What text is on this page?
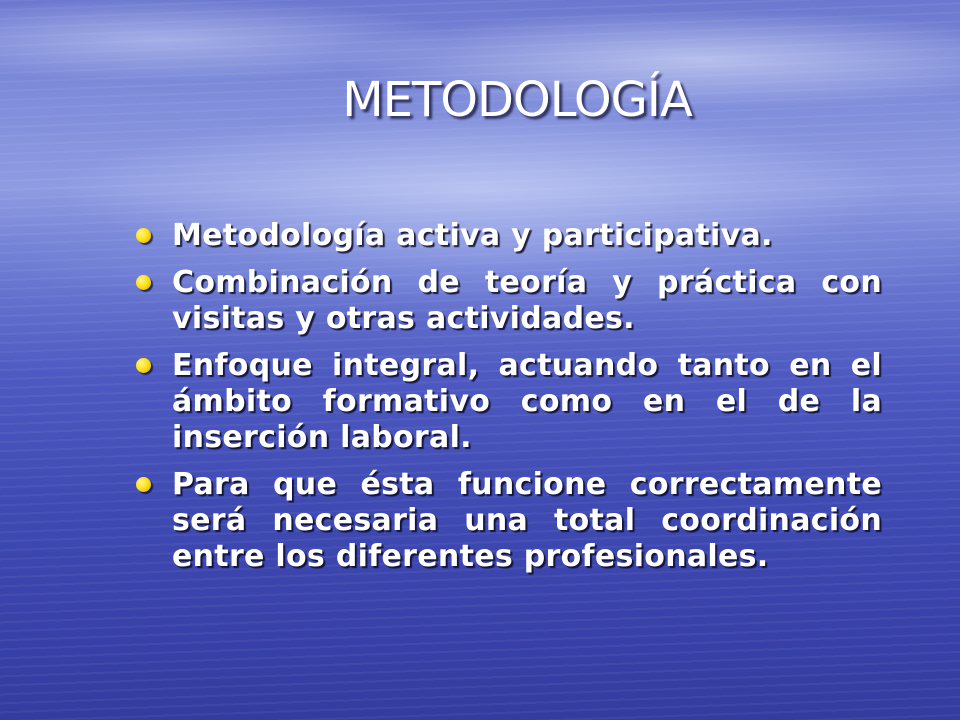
METODOLOGÍA
Metodología activa y participativa.
Combinación de teoría y práctica con visitas y otras actividades.
Enfoque integral, actuando tanto en el ámbito formativo como en el de la inserción laboral.
Para que ésta funcione correctamente será necesaria una total coordinación entre los diferentes profesionales.
